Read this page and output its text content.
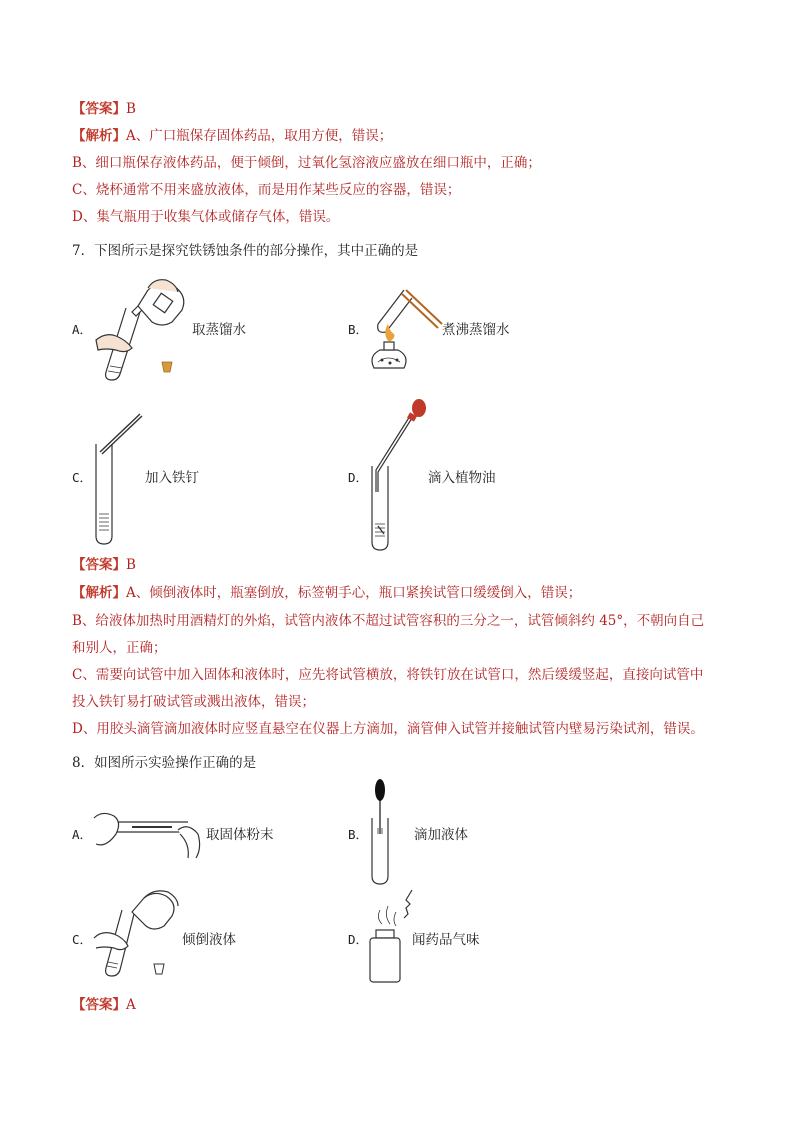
【答案】B
【解析】A、广口瓶保存固体药品，取用方便，错误；
B、细口瓶保存液体药品，便于倾倒，过氧化氢溶液应盛放在细口瓶中，正确；
C、烧杯通常不用来盛放液体，而是用作某些反应的容器，错误；
D、集气瓶用于收集气体或储存气体，错误。
7．下图所示是探究铁锈蚀条件的部分操作，其中正确的是
A．	取蒸馏水	B．	煮沸蒸馏水
C．	加入铁钉	D．	滴入植物油
【答案】B
【解析】A、倾倒液体时，瓶塞倒放，标签朝手心，瓶口紧挨试管口缓缓倒入，错误；
B、给液体加热时用酒精灯的外焰，试管内液体不超过试管容积的三分之一，试管倾斜约 45°，不朝向自己
和别人，正确；
C、需要向试管中加入固体和液体时，应先将试管横放，将铁钉放在试管口，然后缓缓竖起，直接向试管中
投入铁钉易打破试管或溅出液体，错误；
D、用胶头滴管滴加液体时应竖直悬空在仪器上方滴加，滴管伸入试管并接触试管内壁易污染试剂，错误。
8．如图所示实验操作正确的是
A．	取固体粉末	B．	滴加液体
C．	倾倒液体	D．	闻药品气味
【答案】A
